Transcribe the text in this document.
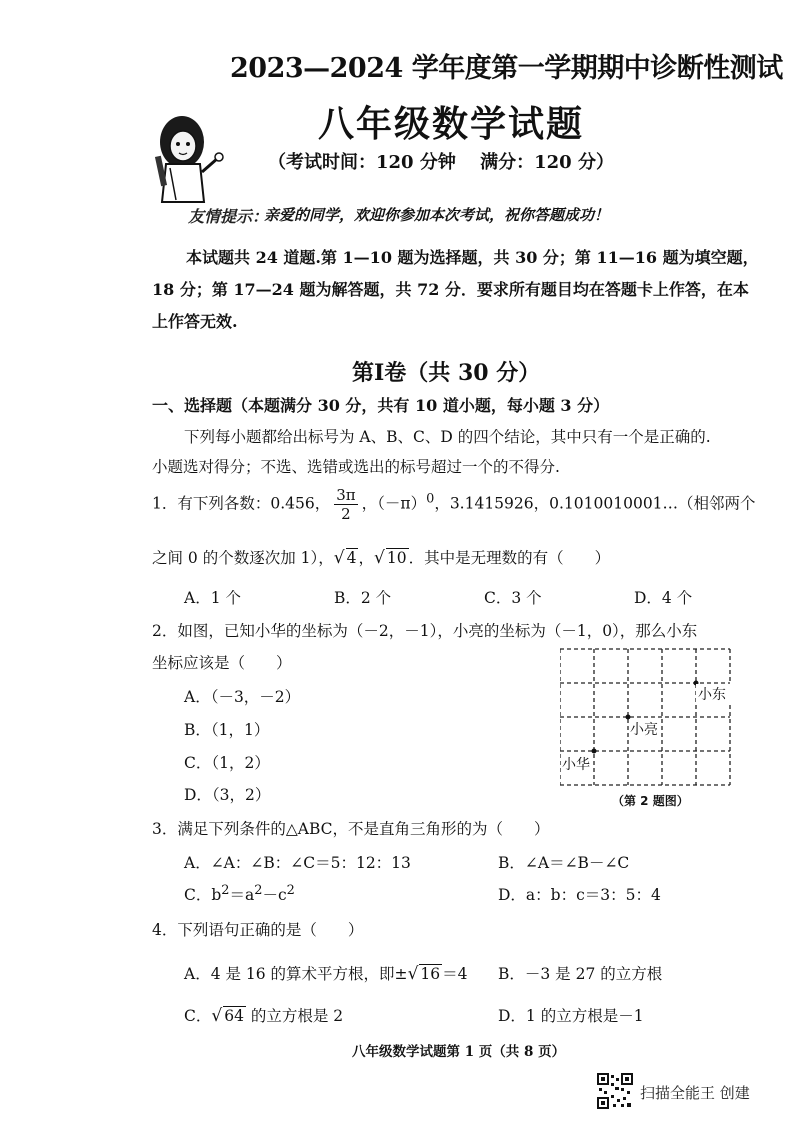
2023—2024 学年度第一学期期中诊断性测试
八年级数学试题
（考试时间：120 分钟 　满分：120 分）
友情提示：
亲爱的同学，欢迎你参加本次考试，祝你答题成功！
本试题共 24 道题.第 1—10 题为选择题，共 30 分；第 11—16 题为填空题，
18 分；第 17—24 题为解答题，共 72 分．要求所有题目均在答题卡上作答，在本
上作答无效.
第Ⅰ卷（共 30 分）
一、选择题（本题满分 30 分，共有 10 道小题，每小题 3 分）
下列每小题都给出标号为 A、B、C、D 的四个结论，其中只有一个是正确的.
小题选对得分；不选、选错或选出的标号超过一个的不得分.
1．有下列各数：0.456， $\frac{3\pi}{2}$ ，$(-\pi)^0$，3.1415926，0.1010010001…（相邻两个
之间 0 的个数逐次加 1），√ 4 ，√ 10 ．其中是无理数的有（　　）
A．1 个	B．2 个	C．3 个	D．4 个
2．如图，已知小华的坐标为（－2，－1），小亮的坐标为（－1，0），那么小东
坐标应该是（　　）
A．（－3，－2）
B．（1，1）
C．（1，2）
D．（3，2）
小东
小亮
小华
（第 2 题图）
3．满足下列条件的△ABC，不是直角三角形的为（　　）
A．∠A：∠B：∠C＝5：12：13	B．∠A＝∠B－∠C
C．$b^2=a^2-c^2$	D．a：b：c＝3：5：4
4．下列语句正确的是（　　）
A．4 是 16 的算术平方根，即±√ 16 ＝4 B．－3 是 27 的立方根
C．√ 64 的立方根是 2	D．1 的立方根是－1
八年级数学试题第 1 页（共 8 页）
扫描全能王 创建
